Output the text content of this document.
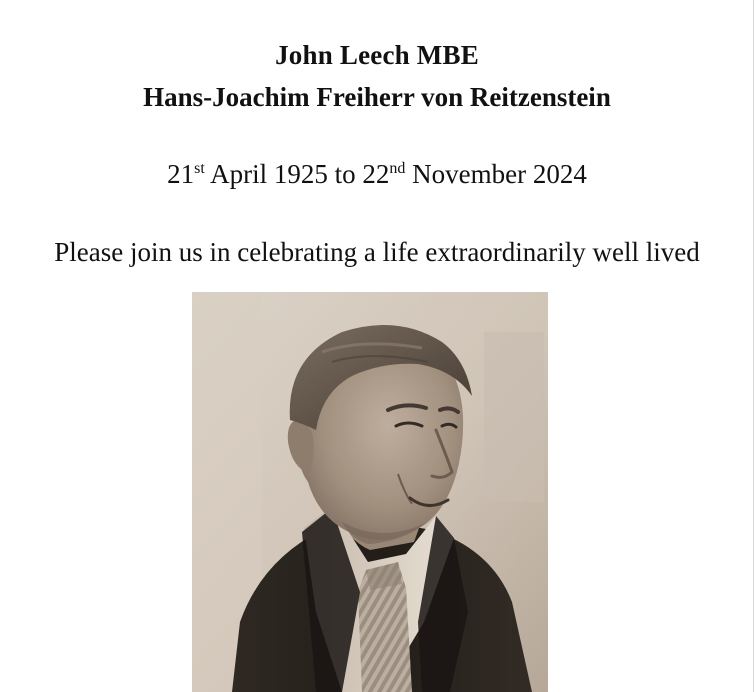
John Leech MBE
Hans-Joachim Freiherr von Reitzenstein
21st April 1925 to 22nd November 2024
Please join us in celebrating a life extraordinarily well lived
